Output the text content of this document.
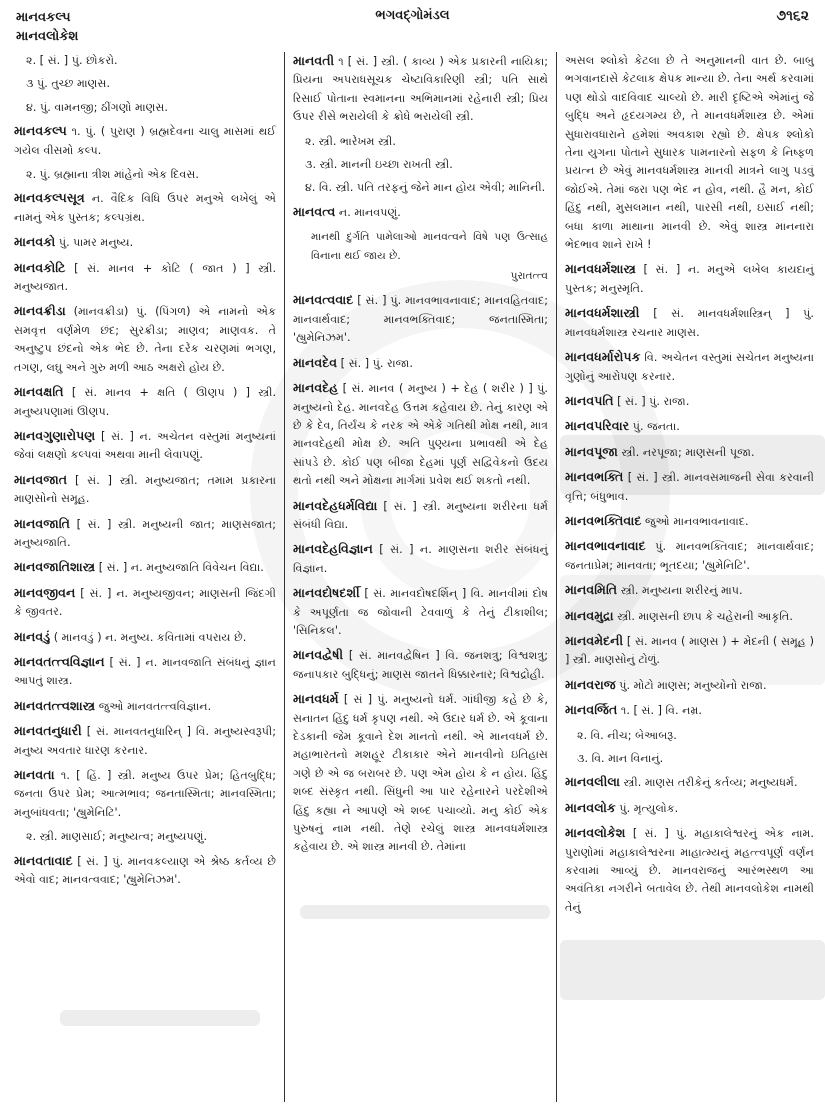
માનવકલ્પ
માનવલોકેશ
ભગવદ્ગોમંડલ	૭૧૬૨
૨. [ સં. ] પું. છોકરો.
૩ પું. તુચ્છ માણસ.
૪. પું. વામનજી; ઠીંગણો માણસ.
માનવકલ્પ ૧. પું. ( પુરાણ ) બ્રહ્મદેવના ચાલુ માસમાં થઈ ગયેલ વીસમો કલ્પ.
૨. પું. બ્રહ્માના ત્રીશ માંહેનો એક દિવસ.
માનવકલ્પસૂત્ર ન. વૈદિક વિધિ ઉપર મનુએ લખેલું એ નામનું એક પુસ્તક; કલ્પગ્રંથ.
માનવકો પું. પામર મનુષ્ય.
માનવકોટિ [ સં. માનવ + કોટિ ( જાત ) ] સ્ત્રી. મનુષ્યજાત.
માનવક્રીડા (માનવક્રીડા) પું. (પિંગળ) એ નામનો એક સમવૃત્ત વર્ણમેળ છંદ; સુરક્રીડા; માણવ; માણવક. તે અનુષ્ટુપ છંદનો એક ભેદ છે. તેના દરેક ચરણમાં ભગણ, તગણ, લઘુ અને ગુરુ મળી આઠ અક્ષરો હોય છે.
માનવક્ષતિ [ સં. માનવ + ક્ષતિ ( ઊણપ ) ] સ્ત્રી. મનુષ્યપણામાં ઊણપ.
માનવગુણારોપણ [ સં. ] ન. અચેતન વસ્તુમાં મનુષ્યનાં જેવાં લક્ષણો કલ્પવાં અથવા માની લેવાપણું.
માનવજાત [ સં. ] સ્ત્રી. મનુષ્યજાત; તમામ પ્રકારના માણસોનો સમૂહ.
માનવજાતિ [ સં. ] સ્ત્રી. મનુષ્યની જાત; માણસજાત; મનુષ્યજાતિ.
માનવજાતિશાસ્ત્ર [ સં. ] ન. મનુષ્યજાતિ વિવેચન વિદ્યા.
માનવજીવન [ સં. ] ન. મનુષ્યજીવન; માણસની જિંદગી કે જીવતર.
માનવડું ( માનવડું ) ન. મનુષ્ય. કવિતામાં વપરાય છે.
માનવતત્ત્વવિજ્ઞાન [ સં. ] ન. માનવજાતિ સંબંધનું જ્ઞાન આપતું શાસ્ત્ર.
માનવતત્ત્વશાસ્ત્ર જુઓ માનવતત્ત્વવિજ્ઞાન.
માનવતનુધારી [ સં. માનવતનુધારિન્ ] વિ. મનુષ્યસ્વરૂપી; મનુષ્ય અવતાર ધારણ કરનાર.
માનવતા ૧. [ હિં. ] સ્ત્રી. મનુષ્ય ઉપર પ્રેમ; હિતબુદ્ધિ; જનતા ઉપર પ્રેમ; આત્મભાવ; જનતાસ્મિતા; માનવસ્મિતા; મનુબાંધવતા; 'હ્યુમેનિટિ'.
૨. સ્ત્રી. માણસાઈ; મનુષ્યત્વ; મનુષ્યપણું.
માનવતાવાદ [ સં. ] પું. માનવકલ્યાણ એ શ્રેષ્ઠ કર્તવ્ય છે એવો વાદ; માનવત્વવાદ; 'હ્યુમેનિઝમ'.
માનવતી ૧ [ સં. ] સ્ત્રી. ( કાવ્ય ) એક પ્રકારની નાયિકા; પ્રિયના અપરાધસૂચક ચેષ્ટાવિકારિણી સ્ત્રી; પતિ સાથે રિસાઈ પોતાના સ્વમાનના અભિમાનમાં રહેનારી સ્ત્રી; પ્રિય ઉપર રીસે ભરાયેલી કે ક્રોધે ભરાયેલી સ્ત્રી.
૨. સ્ત્રી. ભારેખમ સ્ત્રી.
૩. સ્ત્રી. માનની ઇચ્છા રાખતી સ્ત્રી.
૪. વિ. સ્ત્રી. પતિ તરફનું જેને માન હોય એવી; માનિની.
માનવત્વ ન. માનવપણું.
માનથી દુર્ગતિ પામેલાઓ માનવત્વને વિષે પણ ઉત્સાહ વિનાના થઈ જાય છે.
પુરાતત્ત્વ
માનવત્વવાદ [ સં. ] પું. માનવભાવનાવાદ; માનવહિતવાદ; માનવાર્થવાદ; માનવભક્તિવાદ; જનતાસ્મિતા; 'હ્યુમેનિઝમ'.
માનવદેવ [ સં. ] પું. રાજા.
માનવદેહ [ સં. માનવ ( મનુષ્ય ) + દેહ ( શરીર ) ] પું. મનુષ્યનો દેહ. માનવદેહ ઉત્તમ કહેવાય છે. તેનું કારણ એ છે કે દેવ, તિર્યંચ કે નરક એ એકે ગતિથી મોક્ષ નથી, માત્ર માનવદેહથી મોક્ષ છે. અતિ પુણ્યના પ્રભાવથી એ દેહ સાંપડે છે. કોઈ પણ બીજા દેહમાં પૂર્ણ સદ્વિવેકનો ઉદય થતો નથી અને મોક્ષના માર્ગમાં પ્રવેશ થઈ શકતો નથી.
માનવદેહધર્મવિદ્યા [ સં. ] સ્ત્રી. મનુષ્યના શરીરના ધર્મ સંબંધી વિદ્યા.
માનવદેહવિજ્ઞાન [ સં. ] ન. માણસના શરીર સંબંધનું વિજ્ઞાન.
માનવદોષદર્શી [ સં. માનવદોષદર્શિન્ ] વિ. માનવીમાં દોષ કે અપૂર્ણતા જ જોવાની ટેવવાળું કે તેનું ટીકાશીલ; 'સિનિકલ'.
માનવદ્વેષી [ સં. માનવદ્વેષિન ] વિ. જનશત્રુ; વિશ્વશત્રુ; જનાપકાર બુદ્ધિનું; માણસ જાતને ધિક્કારનાર; વિશ્વદ્રોહી.
માનવધર્મ [ સં ] પું. મનુષ્યનો ધર્મ. ગાંધીજી કહે છે કે, સનાતન હિંદુ ધર્મ કૃપણ નથી. એ ઉદાર ધર્મ છે. એ કૂવાના દેડકાની જેમ કૂવાને દેશ માનતો નથી. એ માનવધર્મ છે. મહાભારતનો મશહૂર ટીકાકાર એને માનવીનો ઇતિહાસ ગણે છે એ જ બરાબર છે. પણ એમ હોય કે ન હોય. હિંદુ શબ્દ સંસ્કૃત નથી. સિંધુની આ પાર રહેનારને પરદેશીએ હિંદુ કહ્યા ને આપણે એ શબ્દ પચાવ્યો. મનુ કોઈ એક પુરુષનું નામ નથી. તેણે રચેલું શાસ્ત્ર માનવધર્મશાસ્ત્ર કહેવાય છે. એ શાસ્ત્ર માનવી છે. તેમાંના
અસલ શ્લોકો કેટલા છે તે અનુમાનની વાત છે. બાબુ ભગવાનદાસે કેટલાક ક્ષેપક માન્યા છે. તેના અર્થ કરવામાં પણ થોડો વાદવિવાદ ચાલ્યો છે. મારી દૃષ્ટિએ એમાંનું જે બુદ્ધિ અને હૃદયગમ્ય છે, તે માનવધર્મશાસ્ત્ર છે. એમાં સુધારાવધારાને હમેશાં અવકાશ રહ્યો છે. ક્ષેપક શ્લોકો તેના યુગના પોતાને સુધારક પામનારનો સફળ કે નિષ્ફળ પ્રયત્ન છે એવું માનવધર્મશાસ્ત્ર માનવી માત્રને લાગુ પડવું જોઈએ. તેમાં જરા પણ ભેદ ન હોવ, નથી. હૈ મન, કોઈ હિંદુ નથી, મુસલમાન નથી, પારસી નથી, ઇસાઈ નથી; બધા કાળા માથાના માનવી છે. એવું શાસ્ત્ર માનનારા ભેદભાવ શાને રાખે !
માનવધર્મશાસ્ત્ર [ સં. ] ન. મનુએ લખેલ કાયદાનું પુસ્તક; મનુસ્મૃતિ.
માનવધર્મશાસ્ત્રી [ સં. માનવધર્મશાસ્ત્રિન્ ] પું. માનવધર્મશાસ્ત્ર રચનાર માણસ.
માનવધર્મારોપક વિ. અચેતન વસ્તુમાં સચેતન મનુષ્યના ગુણોનું આરોપણ કરનાર.
માનવપતિ [ સં. ] પું. રાજા.
માનવપરિવાર પું. જનતા.
માનવપૂજા સ્ત્રી. નરપૂજા; માણસની પૂજા.
માનવભક્તિ [ સં. ] સ્ત્રી. માનવસમાજની સેવા કરવાની વૃત્તિ; બંધુભાવ.
માનવભક્તિવાદ જુઓ માનવભાવનાવાદ.
માનવભાવનાવાદ પું. માનવભક્તિવાદ; માનવાર્થવાદ; જનતાપ્રેમ; માનવતા; ભૂતદયા; 'હ્યુમેનિટિ'.
માનવમિતિ સ્ત્રી. મનુષ્યના શરીરનું માપ.
માનવમુદ્રા સ્ત્રી. માણસની છાપ કે ચહેરાની આકૃતિ.
માનવમેદની [ સં. માનવ ( માણસ ) + મેદની ( સમૂહ ) ] સ્ત્રી. માણસોનું ટોળું.
માનવરાજ પું. મોટો માણસ; મનુષ્યોનો રાજા.
માનવર્જિત ૧. [ સં. ] વિ. નમ્ર.
૨. વિ. નીચ; બેઆબરૂ.
૩. વિ. માન વિનાનું.
માનવલીલા સ્ત્રી. માણસ તરીકેનું કર્તવ્ય; મનુષ્યધર્મ.
માનવલોક પું. મૃત્યુલોક.
માનવલોકેશ [ સં. ] પું. મહાકાલેશ્વરનું એક નામ. પુરાણોમાં મહાકાલેશ્વરના માહાત્મ્યનું મહત્ત્વપૂર્ણ વર્ણન કરવામાં આવ્યું છે. માનવરાજનું આરંભસ્થળ આ અવંતિકા નગરીને બતાવેલ છે. તેથી માનવલોકેશ નામથી તેનું
